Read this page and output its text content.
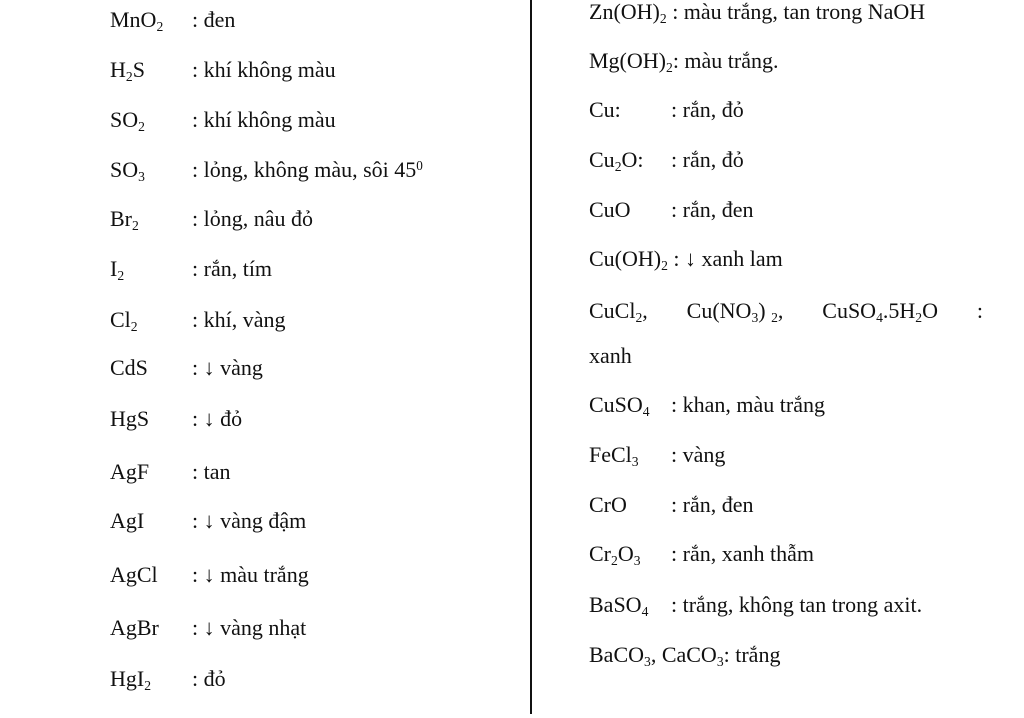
MnO$_2$ : đen
$H_2S$ : khí không màu
$SO_2$ : khí không màu
$SO_3$ : lỏng, không màu, sôi $45^0$
$Br_2$ : lỏng, nâu đỏ
$I_2$	: rắn, tím
$Cl_2$ : khí, vàng
CdS : ↓ vàng
HgS : ↓ đỏ
AgF : tan
AgI : ↓ vàng đậm
AgCl : ↓ màu trắng
AgBr : ↓ vàng nhạt
HgI$_2$ : đỏ
$Zn(OH)_2$ : màu trắng, tan trong NaOH
$Mg(OH)_2$: màu trắng.
Cu: : rắn, đỏ
$Cu_2O$: : rắn, đỏ
CuO : rắn, đen
$Cu(OH)_2$ : ↓ xanh lam
CuCl$_2$, $Cu(NO_3)$ $_2$, $CuSO_4.5H_2O$ :
xanh
CuSO$_4$ : khan, màu trắng
FeCl$_3$ : vàng
CrO : rắn, đen
$Cr_2O_3$ : rắn, xanh thẫm
BaSO$_4$ : trắng, không tan trong axit.
BaCO$_3$, CaCO$_3$: trắng
